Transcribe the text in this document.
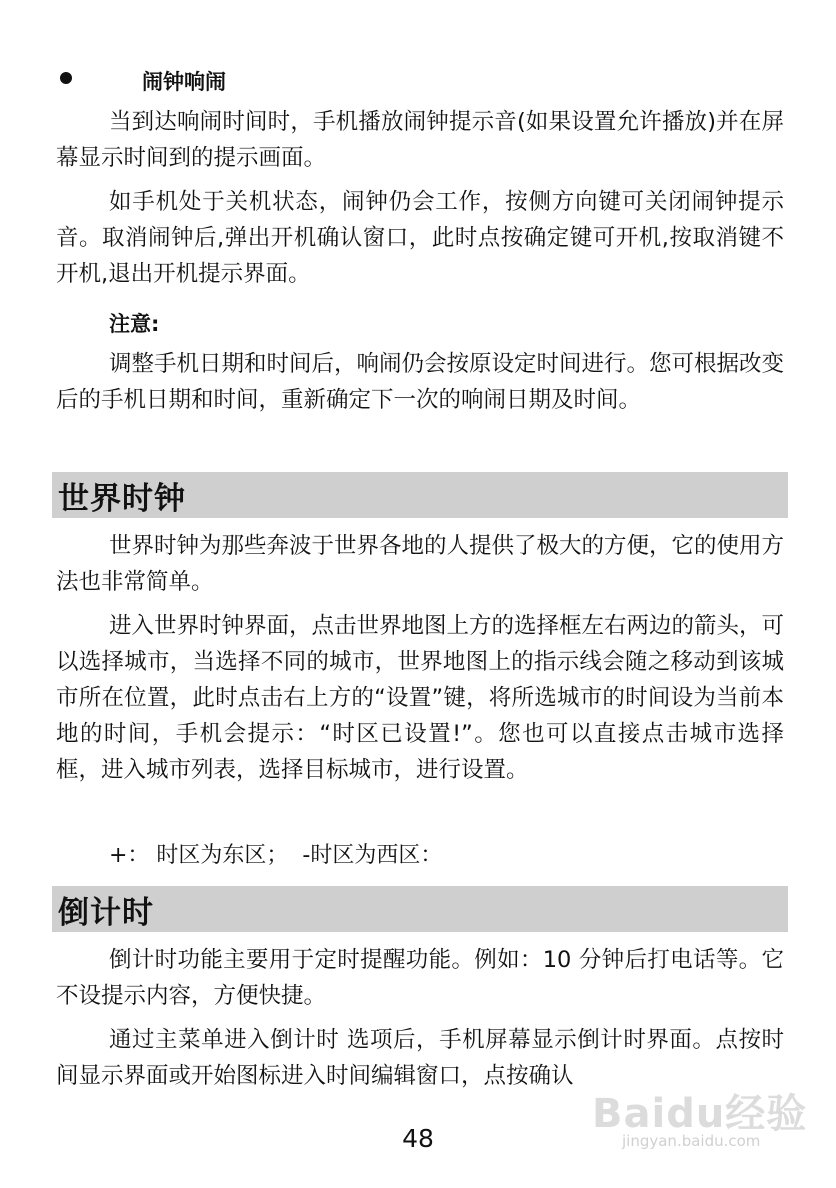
闹钟响闹

当到达响闹时间时，手机播放闹钟提示音(如果设置允许播放)并在屏幕显示时间到的提示画面。

如手机处于关机状态，闹钟仍会工作，按侧方向键可关闭闹钟提示音。取消闹钟后,弹出开机确认窗口，此时点按确定键可开机,按取消键不开机,退出开机提示界面。

注意:

调整手机日期和时间后，响闹仍会按原设定时间进行。您可根据改变后的手机日期和时间，重新确定下一次的响闹日期及时间。

世界时钟

世界时钟为那些奔波于世界各地的人提供了极大的方便，它的使用方法也非常简单。

进入世界时钟界面，点击世界地图上方的选择框左右两边的箭头，可以选择城市，当选择不同的城市，世界地图上的指示线会随之移动到该城市所在位置，此时点击右上方的“设置”键，将所选城市的时间设为当前本地的时间，手机会提示：“时区已设置!”。您也可以直接点击城市选择框，进入城市列表，选择目标城市，进行设置。

+： 时区为东区；  -时区为西区：
倒计时

倒计时功能主要用于定时提醒功能。例如：10 分钟后打电话等。它不设提示内容，方便快捷。

通过主菜单进入倒计时 选项后，手机屏幕显示倒计时界面。点按时间显示界面或开始图标进入时间编辑窗口，点按确认

Baidu经验
jingyan.baidu.com
48
